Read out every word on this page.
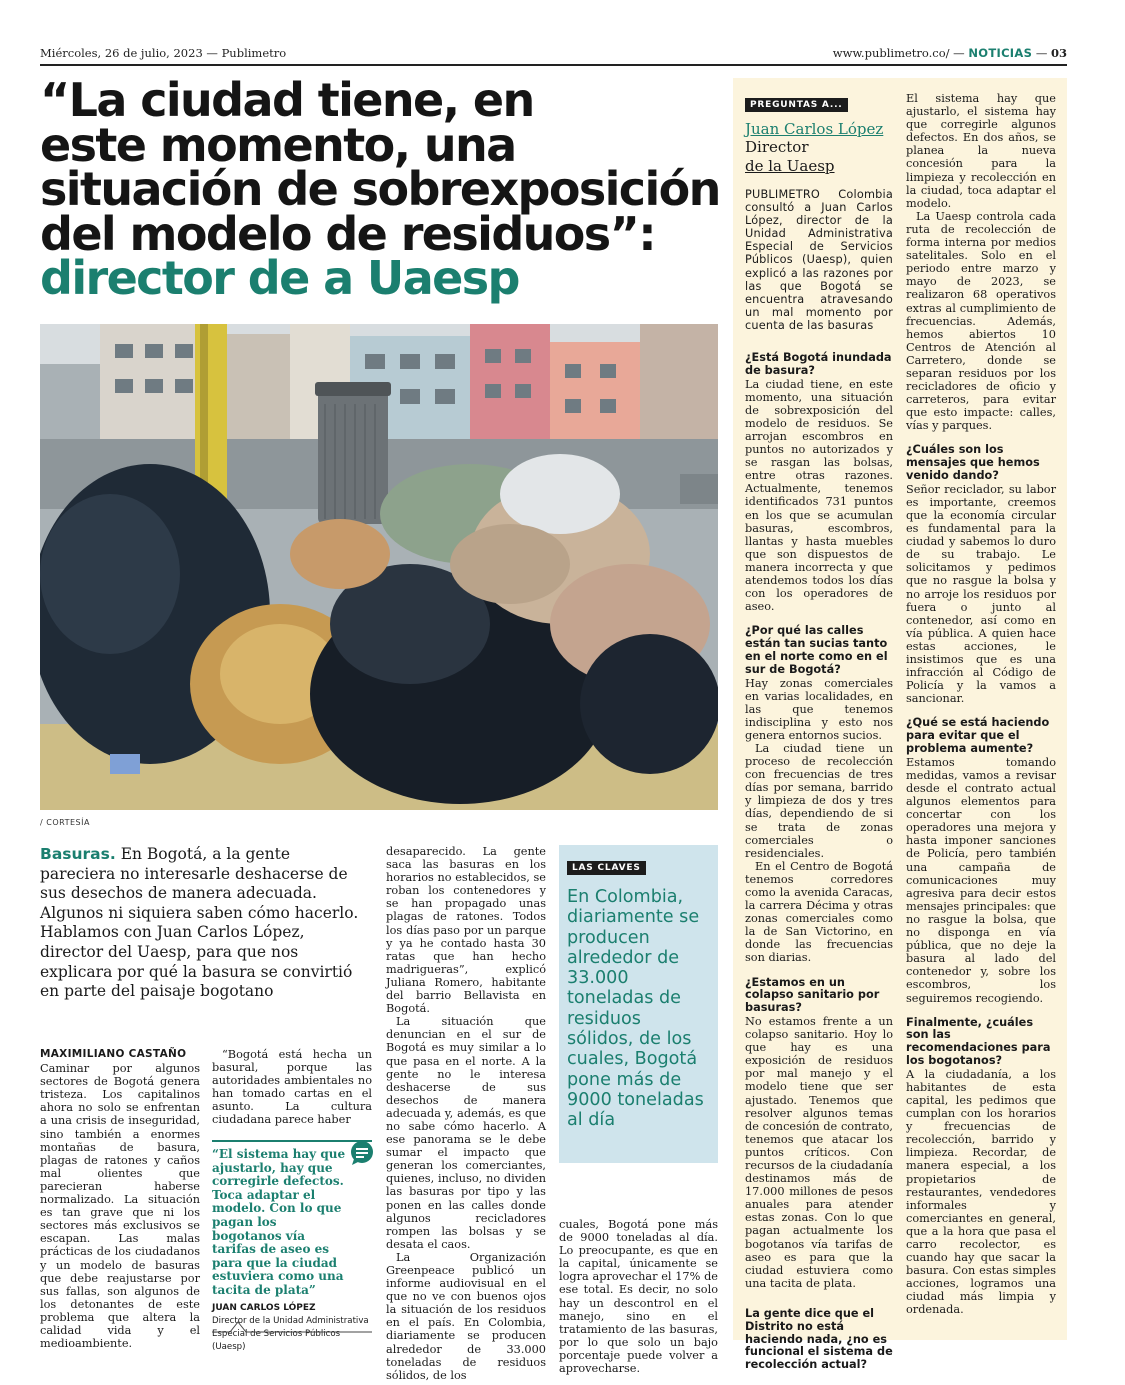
Miércoles, 26 de julio, 2023 — Publimetro	www.publimetro.co/ — NOTICIAS — 03
“La ciudad tiene, en
este momento, una
situación de sobrexposición
del modelo de residuos”:
director de a Uaesp
/ CORTESÍA
Basuras. En Bogotá, a la gente pareciera no interesarle deshacerse de sus desechos de manera adecuada. Algunos ni siquiera saben cómo hacerlo. Hablamos con Juan Carlos López, director del Uaesp, para que nos explicara por qué la basura se convirtió en parte del paisaje bogotano
MAXIMILIANO CASTAÑO

Caminar por algunos sectores de Bogotá genera tristeza. Los capitalinos ahora no solo se enfrentan a una crisis de inseguridad, sino también a enormes montañas de basura, plagas de ratones y caños mal olientes que parecieran haberse normalizado. La situación es tan grave que ni los sectores más exclusivos se escapan. Las malas prácticas de los ciudadanos y un modelo de basuras que debe reajustarse por sus fallas, son algunos de los detonantes de este problema que altera la calidad vida y el medioambiente.

“Bogotá está hecha un basural, porque las autoridades ambientales no han tomado cartas en el asunto. La cultura ciudadana parece haber

“El sistema hay que ajustarlo, hay que corregirle defectos. Toca adaptar el modelo. Con lo que pagan los bogotanos vía tarifas de aseo es para que la ciudad estuviera como una tacita de plata”
JUAN CARLOS LÓPEZ
Director de la Unidad Administrativa Especial de Servicios Públicos (Uaesp)

desaparecido. La gente saca las basuras en los horarios no establecidos, se roban los contenedores y se han propagado unas plagas de ratones. Todos los días paso por un parque y ya he contado hasta 30 ratas que han hecho madrigueras”, explicó Juliana Romero, habitante del barrio Bellavista en Bogotá.

La situación que denuncian en el sur de Bogotá es muy similar a lo que pasa en el norte. A la gente no le interesa deshacerse de sus desechos de manera adecuada y, además, es que no sabe cómo hacerlo. A ese panorama se le debe sumar el impacto que generan los comerciantes, quienes, incluso, no dividen las basuras por tipo y las ponen en las calles donde algunos recicladores rompen las bolsas y se desata el caos.

La Organización Greenpeace publicó un informe audiovisual en el que no ve con buenos ojos la situación de los residuos en el país. En Colombia, diariamente se producen alrededor de 33.000 toneladas de residuos sólidos, de los

LAS CLAVES
En Colombia, diariamente se producen alrededor de 33.000 toneladas de residuos sólidos, de los cuales, Bogotá pone más de 9000 toneladas al día

cuales, Bogotá pone más de 9000 toneladas al día. Lo preocupante, es que en la capital, únicamente se logra aprovechar el 17% de ese total. Es decir, no solo hay un descontrol en el manejo, sino en el tratamiento de las basuras, por lo que solo un bajo porcentaje puede volver a aprovecharse.

PREGUNTAS A...
Juan Carlos López
Director
de la Uaesp

PUBLIMETRO Colombia consultó a Juan Carlos López, director de la Unidad Administrativa Especial de Servicios Públicos (Uaesp), quien explicó a las razones por las que Bogotá se encuentra atravesando un mal momento por cuenta de las basuras

¿Está Bogotá inundada de basura?

La ciudad tiene, en este momento, una situación de sobrexposición del modelo de residuos. Se arrojan escombros en puntos no autorizados y se rasgan las bolsas, entre otras razones. Actualmente, tenemos identificados 731 puntos en los que se acumulan basuras, escombros, llantas y hasta muebles que son dispuestos de manera incorrecta y que atendemos todos los días con los operadores de aseo.

¿Por qué las calles están tan sucias tanto en el norte como en el sur de Bogotá?

Hay zonas comerciales en varias localidades, en las que tenemos indisciplina y esto nos genera entornos sucios.

La ciudad tiene un proceso de recolección con frecuencias de tres días por semana, barrido y limpieza de dos y tres días, dependiendo de si se trata de zonas comerciales o residenciales.

En el Centro de Bogotá tenemos corredores como la avenida Caracas, la carrera Décima y otras zonas comerciales como la de San Victorino, en donde las frecuencias son diarias.

¿Estamos en un colapso sanitario por basuras?

No estamos frente a un colapso sanitario. Hoy lo que hay es una exposición de residuos por mal manejo y el modelo tiene que ser ajustado. Tenemos que resolver algunos temas de concesión de contrato, tenemos que atacar los puntos críticos. Con recursos de la ciudadanía destinamos más de 17.000 millones de pesos anuales para atender estas zonas. Con lo que pagan actualmente los bogotanos vía tarifas de aseo es para que la ciudad estuviera como una tacita de plata.

La gente dice que el Distrito no está haciendo nada, ¿no es funcional el sistema de recolección actual?

El sistema hay que ajustarlo, el sistema hay que corregirle algunos defectos. En dos años, se planea la nueva concesión para la limpieza y recolección en la ciudad, toca adaptar el modelo.

La Uaesp controla cada ruta de recolección de forma interna por medios satelitales. Solo en el periodo entre marzo y mayo de 2023, se realizaron 68 operativos extras al cumplimiento de frecuencias. Además, hemos abiertos 10 Centros de Atención al Carretero, donde se separan residuos por los recicladores de oficio y carreteros, para evitar que esto impacte: calles, vías y parques.

¿Cuáles son los mensajes que hemos venido dando?

Señor reciclador, su labor es importante, creemos que la economía circular es fundamental para la ciudad y sabemos lo duro de su trabajo. Le solicitamos y pedimos que no rasgue la bolsa y no arroje los residuos por fuera o junto al contenedor, así como en vía pública. A quien hace estas acciones, le insistimos que es una infracción al Código de Policía y la vamos a sancionar.

¿Qué se está haciendo para evitar que el problema aumente?

Estamos tomando medidas, vamos a revisar desde el contrato actual algunos elementos para concertar con los operadores una mejora y hasta imponer sanciones de Policía, pero también una campaña de comunicaciones muy agresiva para decir estos mensajes principales: que no rasgue la bolsa, que no disponga en vía pública, que no deje la basura al lado del contenedor y, sobre los escombros, los seguiremos recogiendo.

Finalmente, ¿cuáles son las recomendaciones para los bogotanos?

A la ciudadanía, a los habitantes de esta capital, les pedimos que cumplan con los horarios y frecuencias de recolección, barrido y limpieza. Recordar, de manera especial, a los propietarios de restaurantes, vendedores informales y comerciantes en general, que a la hora que pasa el carro recolector, es cuando hay que sacar la basura. Con estas simples acciones, logramos una ciudad más limpia y ordenada.
